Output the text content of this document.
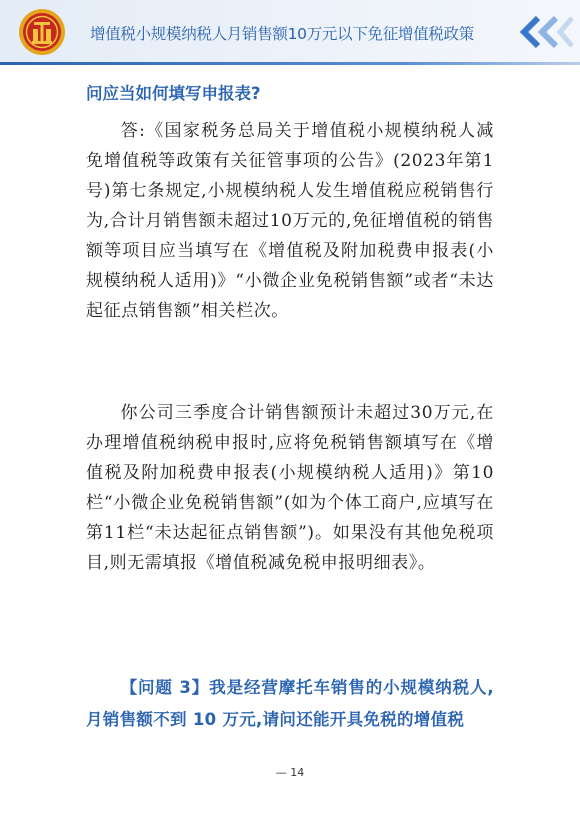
增值税小规模纳税人月销售额10万元以下免征增值税政策
问应当如何填写申报表?
答:《国家税务总局关于增值税小规模纳税人减免增值税等政策有关征管事项的公告》(2023年第1号)第七条规定,小规模纳税人发生增值税应税销售行为,合计月销售额未超过10万元的,免征增值税的销售额等项目应当填写在《增值税及附加税费申报表(小规模纳税人适用)》“小微企业免税销售额”或者“未达起征点销售额”相关栏次。
你公司三季度合计销售额预计未超过30万元,在办理增值税纳税申报时,应将免税销售额填写在《增值税及附加税费申报表(小规模纳税人适用)》第10栏“小微企业免税销售额”(如为个体工商户,应填写在第11栏“未达起征点销售额”)。如果没有其他免税项目,则无需填报《增值税减免税申报明细表》。
【问题 3】我是经营摩托车销售的小规模纳税人,月销售额不到 10 万元,请问还能开具免税的增值税
— 14
